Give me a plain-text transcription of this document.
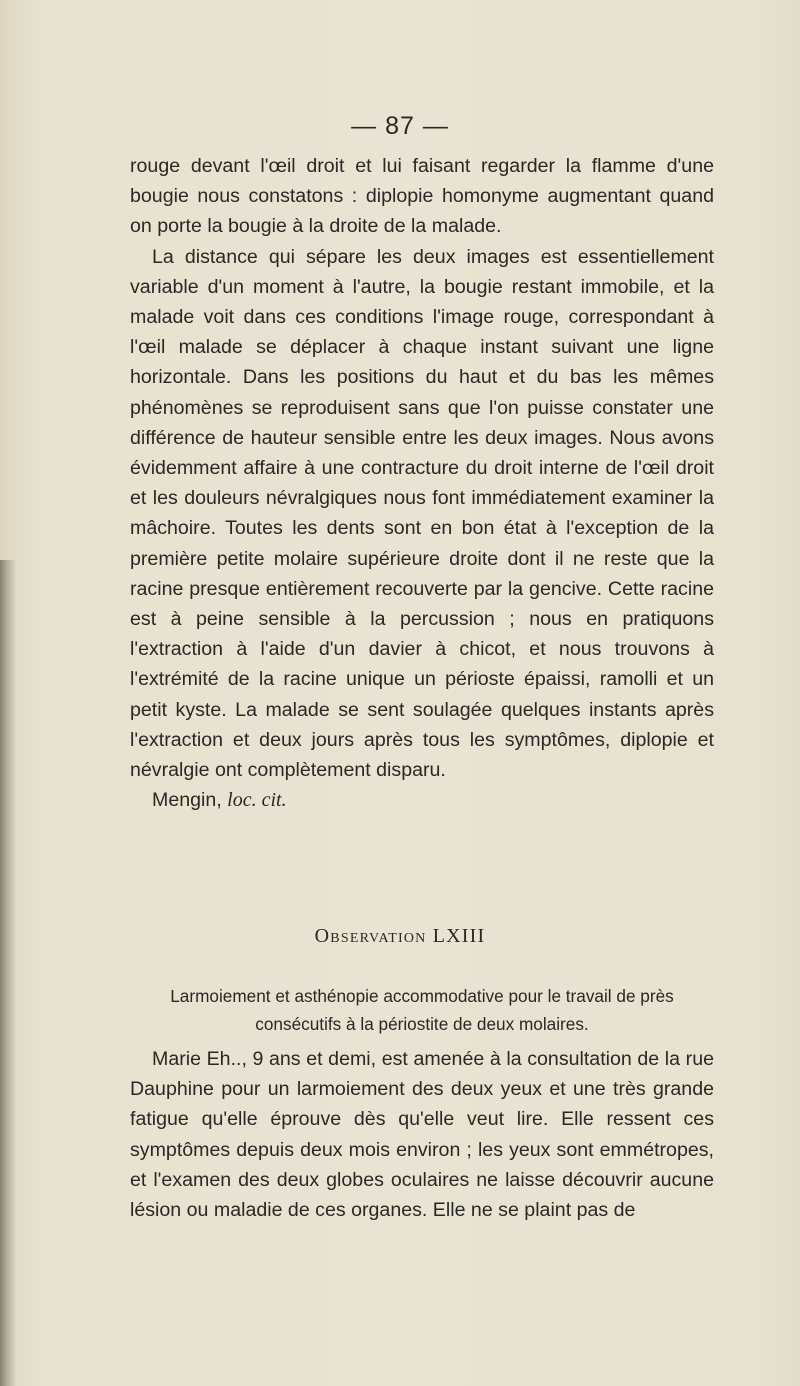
— 87 —

rouge devant l'œil droit et lui faisant regarder la flamme d'une bougie nous constatons : diplopie homonyme augmentant quand on porte la bougie à la droite de la malade.

La distance qui sépare les deux images est essentiellement variable d'un moment à l'autre, la bougie restant immobile, et la malade voit dans ces conditions l'image rouge, correspondant à l'œil malade se déplacer à chaque instant suivant une ligne horizontale. Dans les positions du haut et du bas les mêmes phénomènes se reproduisent sans que l'on puisse constater une différence de hauteur sensible entre les deux images. Nous avons évidemment affaire à une contracture du droit interne de l'œil droit et les douleurs névralgiques nous font immédiatement examiner la mâchoire. Toutes les dents sont en bon état à l'exception de la première petite molaire supérieure droite dont il ne reste que la racine presque entièrement recouverte par la gencive. Cette racine est à peine sensible à la percussion ; nous en pratiquons l'extraction à l'aide d'un davier à chicot, et nous trouvons à l'extrémité de la racine unique un périoste épaissi, ramolli et un petit kyste. La malade se sent soulagée quelques instants après l'extraction et deux jours après tous les symptômes, diplopie et névralgie ont complètement disparu.

Mengin, loc. cit.

Observation LXIII
Larmoiement et asthénopie accommodative pour le travail de près consécutifs à la périostite de deux molaires.

Marie Eh.., 9 ans et demi, est amenée à la consultation de la rue Dauphine pour un larmoiement des deux yeux et une très grande fatigue qu'elle éprouve dès qu'elle veut lire. Elle ressent ces symptômes depuis deux mois environ ; les yeux sont emmétropes, et l'examen des deux globes oculaires ne laisse découvrir aucune lésion ou maladie de ces organes. Elle ne se plaint pas de
